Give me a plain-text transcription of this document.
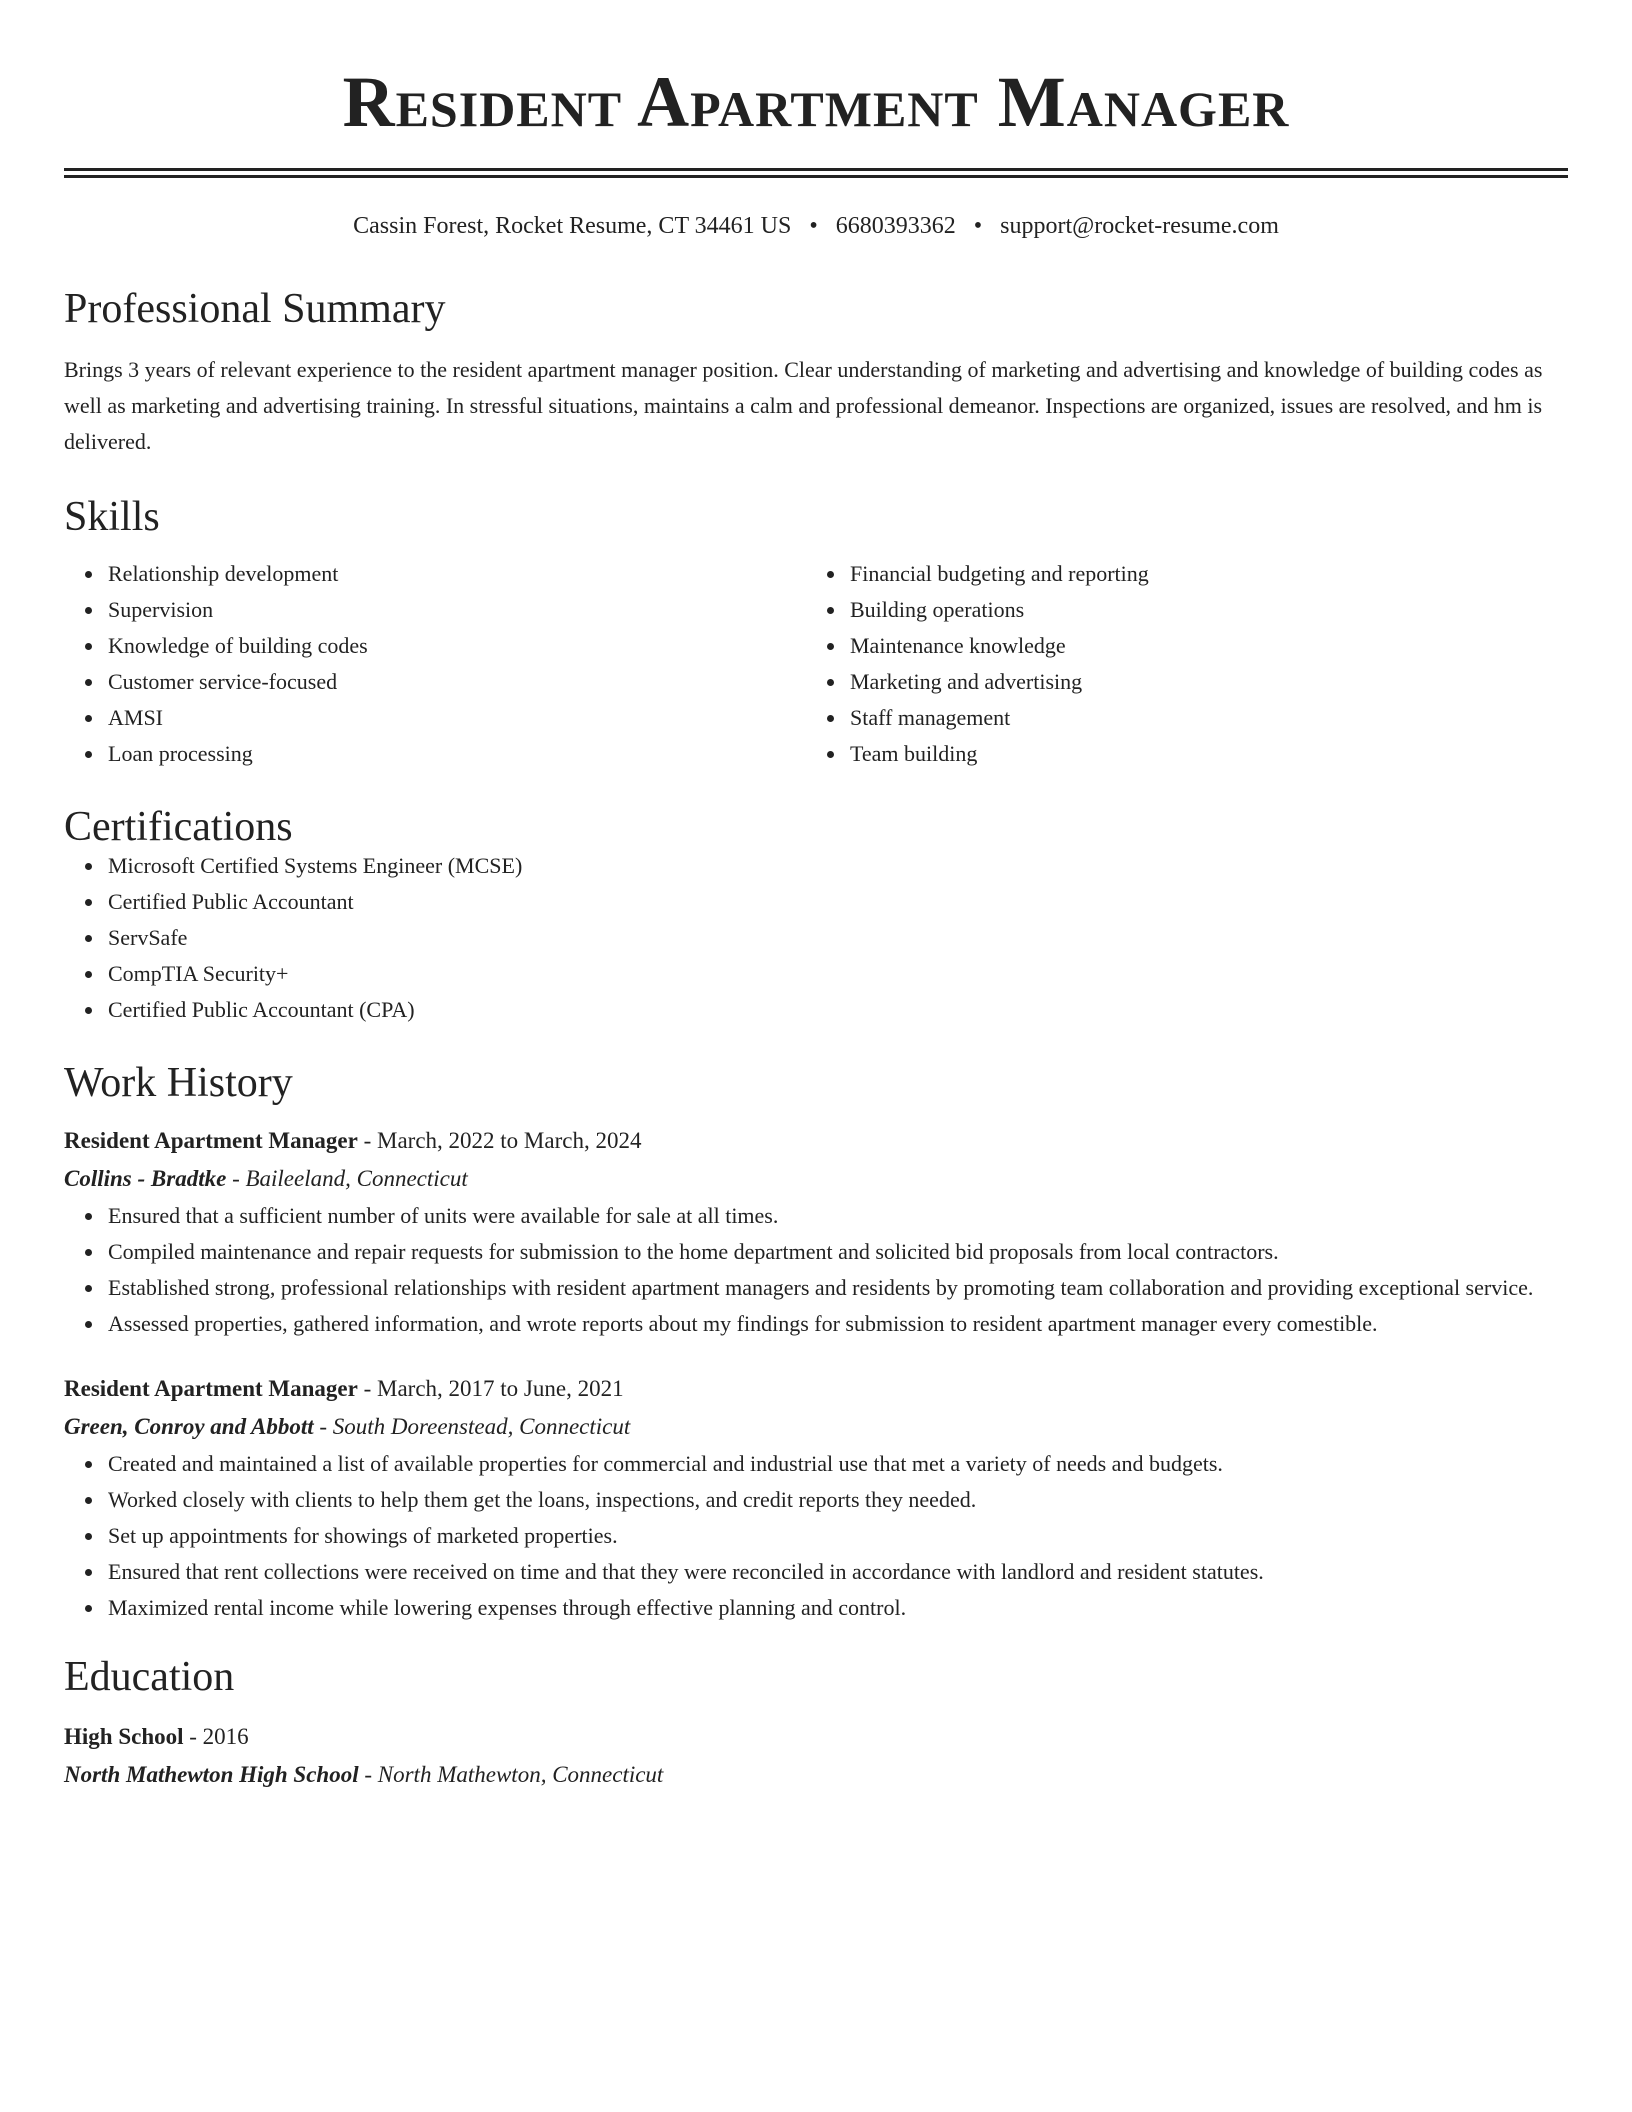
Resident Apartment Manager
Cassin Forest, Rocket Resume, CT 34461 US • 6680393362 • support@rocket-resume.com
Professional Summary
Brings 3 years of relevant experience to the resident apartment manager position. Clear understanding of marketing and advertising and knowledge of building codes as well as marketing and advertising training. In stressful situations, maintains a calm and professional demeanor. Inspections are organized, issues are resolved, and hm is delivered.
Skills
Relationship development
Supervision
Knowledge of building codes
Customer service-focused
AMSI
Loan processing
Financial budgeting and reporting
Building operations
Maintenance knowledge
Marketing and advertising
Staff management
Team building
Certifications
Microsoft Certified Systems Engineer (MCSE)
Certified Public Accountant
ServSafe
CompTIA Security+
Certified Public Accountant (CPA)
Work History
Resident Apartment Manager - March, 2022 to March, 2024
Collins - Bradtke - Baileeland, Connecticut
Ensured that a sufficient number of units were available for sale at all times.
Compiled maintenance and repair requests for submission to the home department and solicited bid proposals from local contractors.
Established strong, professional relationships with resident apartment managers and residents by promoting team collaboration and providing exceptional service.
Assessed properties, gathered information, and wrote reports about my findings for submission to resident apartment manager every comestible.
Resident Apartment Manager - March, 2017 to June, 2021
Green, Conroy and Abbott - South Doreenstead, Connecticut
Created and maintained a list of available properties for commercial and industrial use that met a variety of needs and budgets.
Worked closely with clients to help them get the loans, inspections, and credit reports they needed.
Set up appointments for showings of marketed properties.
Ensured that rent collections were received on time and that they were reconciled in accordance with landlord and resident statutes.
Maximized rental income while lowering expenses through effective planning and control.
Education
High School - 2016
North Mathewton High School - North Mathewton, Connecticut
